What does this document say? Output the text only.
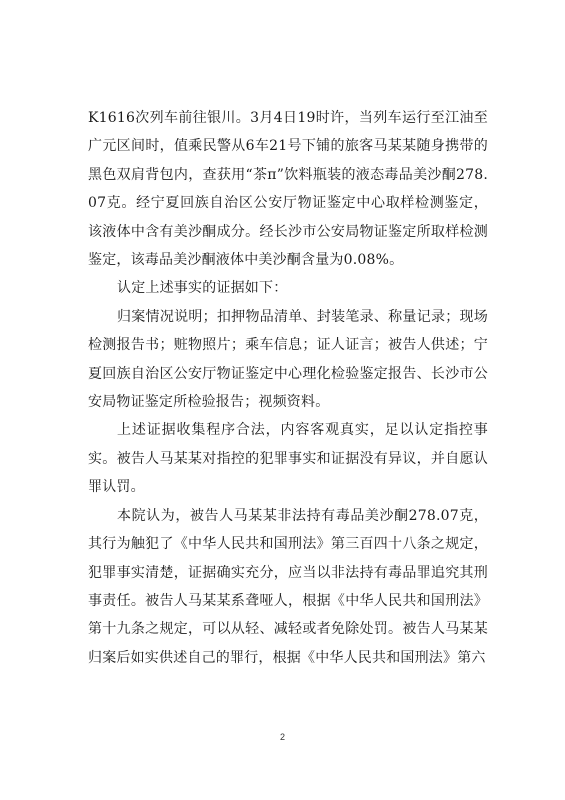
K1616次列车前往银川。3月4日19时许，当列车运行至江油至广元区间时，值乘民警从6车21号下铺的旅客马某某随身携带的黑色双肩背包内，查获用“茶π”饮料瓶装的液态毒品美沙酮278.07克。经宁夏回族自治区公安厅物证鉴定中心取样检测鉴定，该液体中含有美沙酮成分。经长沙市公安局物证鉴定所取样检测鉴定，该毒品美沙酮液体中美沙酮含量为0.08%。

认定上述事实的证据如下：

归案情况说明；扣押物品清单、封装笔录、称量记录；现场检测报告书；赃物照片；乘车信息；证人证言；被告人供述；宁夏回族自治区公安厅物证鉴定中心理化检验鉴定报告、长沙市公安局物证鉴定所检验报告；视频资料。

上述证据收集程序合法，内容客观真实，足以认定指控事实。被告人马某某对指控的犯罪事实和证据没有异议，并自愿认罪认罚。

本院认为，被告人马某某非法持有毒品美沙酮278.07克，其行为触犯了《中华人民共和国刑法》第三百四十八条之规定，犯罪事实清楚，证据确实充分，应当以非法持有毒品罪追究其刑事责任。被告人马某某系聋哑人，根据《中华人民共和国刑法》第十九条之规定，可以从轻、减轻或者免除处罚。被告人马某某归案后如实供述自己的罪行，根据《中华人民共和国刑法》第六

2
